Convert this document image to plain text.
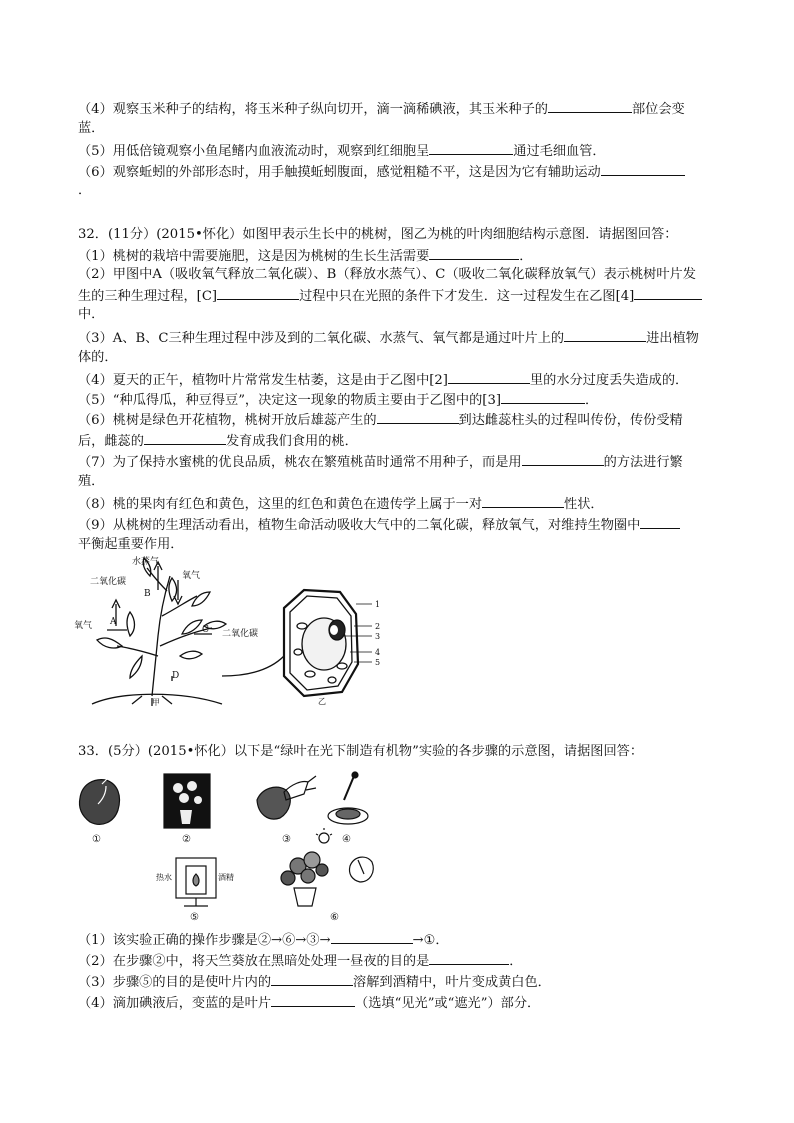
（4）观察玉米种子的结构，将玉米种子纵向切开，滴一滴稀碘液，其玉米种子的	部位会变
蓝．
（5）用低倍镜观察小鱼尾鳍内血液流动时，观察到红细胞呈	通过毛细血管．
（6）观察蚯蚓的外部形态时，用手触摸蚯蚓腹面，感觉粗糙不平，这是因为它有辅助运动
．
32．(11分）(2015•怀化）如图甲表示生长中的桃树，图乙为桃的叶肉细胞结构示意图．请据图回答：
（1）桃树的栽培中需要施肥，这是因为桃树的生长生活需要	．
（2）甲图中A（吸收氧气释放二氧化碳）、B（释放水蒸气）、C（吸收二氧化碳释放氧气）表示桃树叶片发
生的三种生理过程，[C]	过程中只在光照的条件下才发生．这一过程发生在乙图[4]
中．
（3）A、B、C三种生理过程中涉及到的二氧化碳、水蒸气、氧气都是通过叶片上的	进出植物
体的．
（4）夏天的正午，植物叶片常常发生枯萎，这是由于乙图中[2]	里的水分过度丢失造成的．
（5）“种瓜得瓜，种豆得豆”，决定这一现象的物质主要由于乙图中的[3]	．
（6）桃树是绿色开花植物，桃树开放后雄蕊产生的	到达雌蕊柱头的过程叫传份，传份受精
后，雌蕊的	发育成我们食用的桃．
（7）为了保持水蜜桃的优良品质，桃农在繁殖桃苗时通常不用种子，而是用	的方法进行繁
殖．
（8）桃的果肉有红色和黄色，这里的红色和黄色在遗传学上属于一对	性状．
（9）从桃树的生理活动看出，植物生命活动吸收大气中的二氧化碳，释放氧气，对维持生物圈中
平衡起重要作用．
水蒸气
二氧化碳
氧气
氧气
二氧化碳
A
B
C
D
甲
1
2
3
4
5
乙
33．(5分）(2015•怀化）以下是“绿叶在光下制造有机物”实验的各步骤的示意图，请据图回答：
①	②	③	④
热水	酒精
⑤	⑥
（1）该实验正确的操作步骤是②→⑥→③→	→①．
（2）在步骤②中，将天竺葵放在黑暗处处理一昼夜的目的是	．
（3）步骤⑤的目的是使叶片内的	溶解到酒精中，叶片变成黄白色．
（4）滴加碘液后，变蓝的是叶片	（选填“见光”或“遮光”）部分．
